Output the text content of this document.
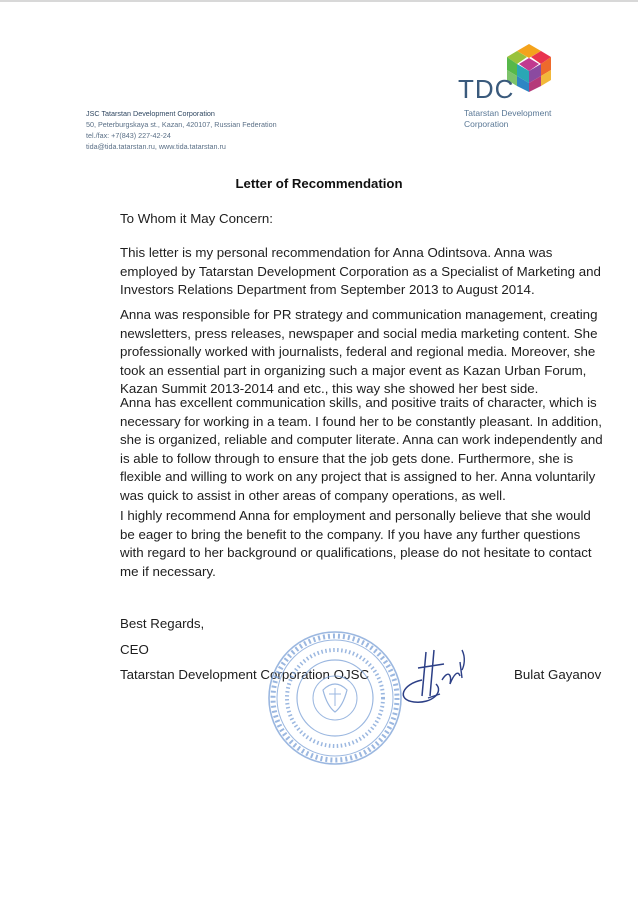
JSC Tatarstan Development Corporation
50, Peterburgskaya st., Kazan, 420107, Russian Federation
tel./fax: +7(843) 227-42-24
tida@tida.tatarstan.ru, www.tida.tatarstan.ru
TDC
Tatarstan Development
Corporation
Letter of Recommendation
To Whom it May Concern:
This letter is my personal recommendation for Anna Odintsova. Anna was employed by Tatarstan Development Corporation as a Specialist of Marketing and Investors Relations Department from September 2013 to August 2014.
Anna was responsible for PR strategy and communication management, creating newsletters, press releases, newspaper and social media marketing content. She professionally worked with journalists, federal and regional media. Moreover, she took an essential part in organizing such a major event as Kazan Urban Forum, Kazan Summit 2013-2014 and etc., this way she showed her best side.
Anna has excellent communication skills, and positive traits of character, which is necessary for working in a team. I found her to be constantly pleasant. In addition, she is organized, reliable and computer literate. Anna can work independently and is able to follow through to ensure that the job gets done. Furthermore, she is flexible and willing to work on any project that is assigned to her. Anna voluntarily was quick to assist in other areas of company operations, as well.
I highly recommend Anna for employment and personally believe that she would be eager to bring the benefit to the company. If you have any further questions with regard to her background or qualifications, please do not hesitate to contact me if necessary.
Best Regards,
CEO
Tatarstan Development Corporation OJSC	Bulat Gayanov
